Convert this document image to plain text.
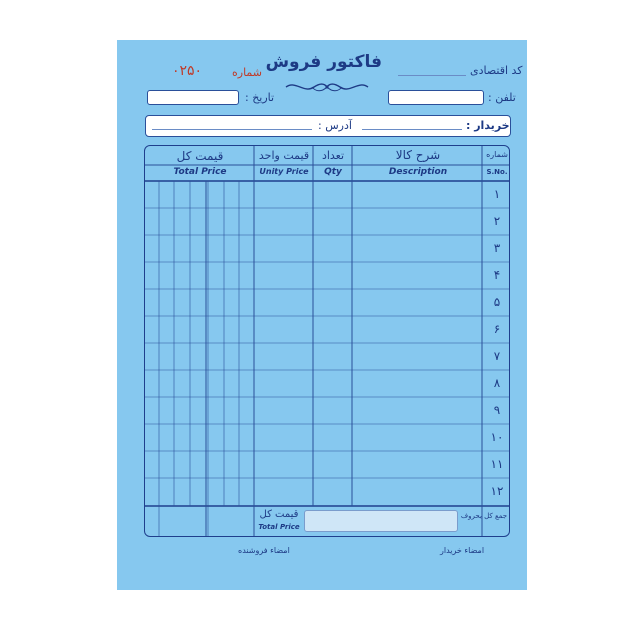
فاکتور فروش
شماره
۰۲۵۰	کد اقتصادی
تلفن :
تاریخ :
خریدار :
آدرس :
شماره
S.No.
شرح کالا
Description
تعداد
Qty
قیمت واحد
Unity Price
قیمت کل
Total Price
۱
۲
۳
۴
۵
۶
۷
۸
۹
۱۰
۱۱
۱۲
جمع کل بحروف
قیمت کل
Total Price
امضاء خریدار
امضاء فروشنده
